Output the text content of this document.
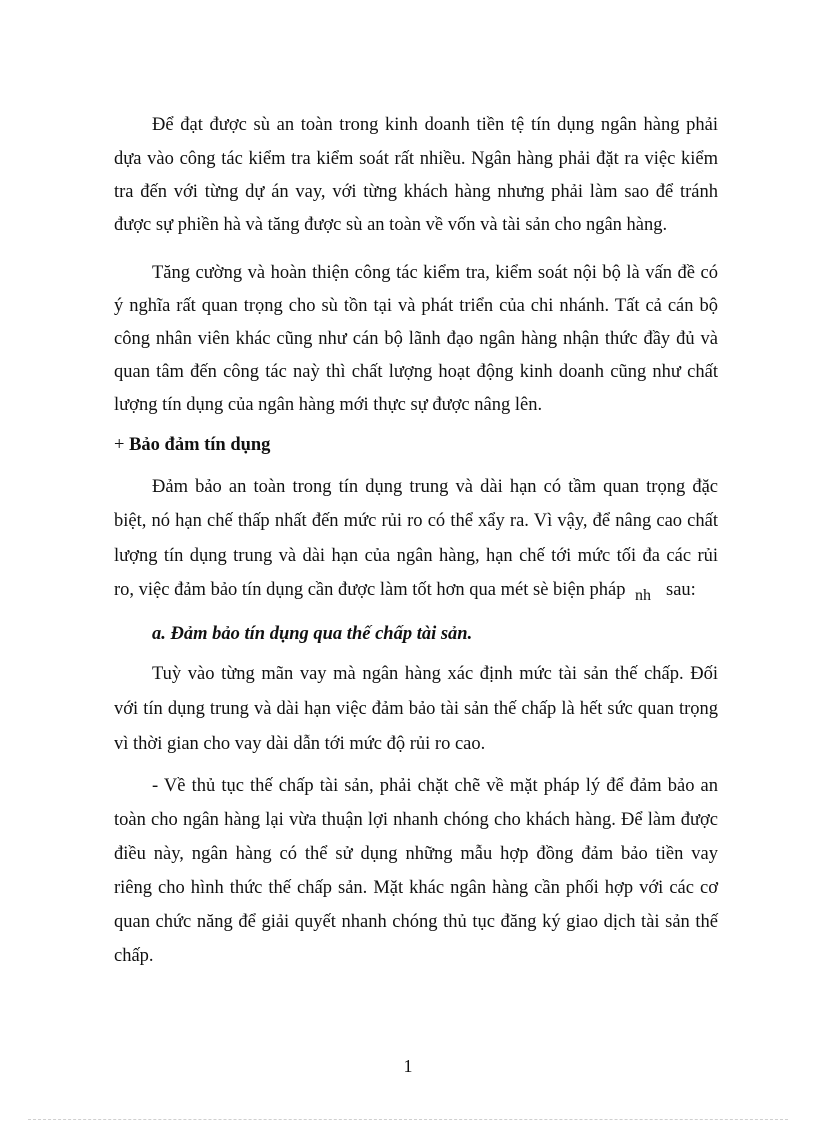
Để đạt được sù an toàn trong kinh doanh tiền tệ tín dụng ngân hàng phải
dựa vào công tác kiểm tra kiểm soát rất nhiều. Ngân hàng phải đặt ra việc kiểm
tra đến với từng dự án vay, với từng khách hàng nhưng phải làm sao để tránh
được sự phiền hà và tăng được sù an toàn về vốn và tài sản cho ngân hàng.
Tăng cường và hoàn thiện công tác kiểm tra, kiểm soát nội bộ là vấn đề có
ý nghĩa rất quan trọng cho sù tồn tại và phát triển của chi nhánh. Tất cả cán bộ
công nhân viên khác cũng như cán bộ lãnh đạo ngân hàng nhận thức đầy đủ và
quan tâm đến công tác naỳ thì chất lượng hoạt động kinh doanh cũng như chất
lượng tín dụng của ngân hàng mới thực sự được nâng lên.
+ Bảo đảm tín dụng
Đảm bảo an toàn trong tín dụng trung và dài hạn có tầm quan trọng đặc
biệt, nó hạn chế thấp nhất đến mức rủi ro có thể xẩy ra. Vì vậy, để nâng cao chất
lượng tín dụng trung và dài hạn của ngân hàng, hạn chế tới mức tối đa các rủi
ro, việc đảm bảo tín dụng cần được làm tốt hơn qua mét sè biện pháp nh sau:
a. Đảm bảo tín dụng qua thế chấp tài sản.
Tuỳ vào từng mãn vay mà ngân hàng xác định mức tài sản thế chấp. Đối
với tín dụng trung và dài hạn việc đảm bảo tài sản thế chấp là hết sức quan trọng
vì thời gian cho vay dài dẫn tới mức độ rủi ro cao.
- Về thủ tục thế chấp tài sản, phải chặt chẽ về mặt pháp lý để đảm bảo an
toàn cho ngân hàng lại vừa thuận lợi nhanh chóng cho khách hàng. Để làm được
điều này, ngân hàng có thể sử dụng những mẫu hợp đồng đảm bảo tiền vay
riêng cho hình thức thế chấp sản. Mặt khác ngân hàng cần phối hợp với các cơ
quan chức năng để giải quyết nhanh chóng thủ tục đăng ký giao dịch tài sản thế
chấp.
1
